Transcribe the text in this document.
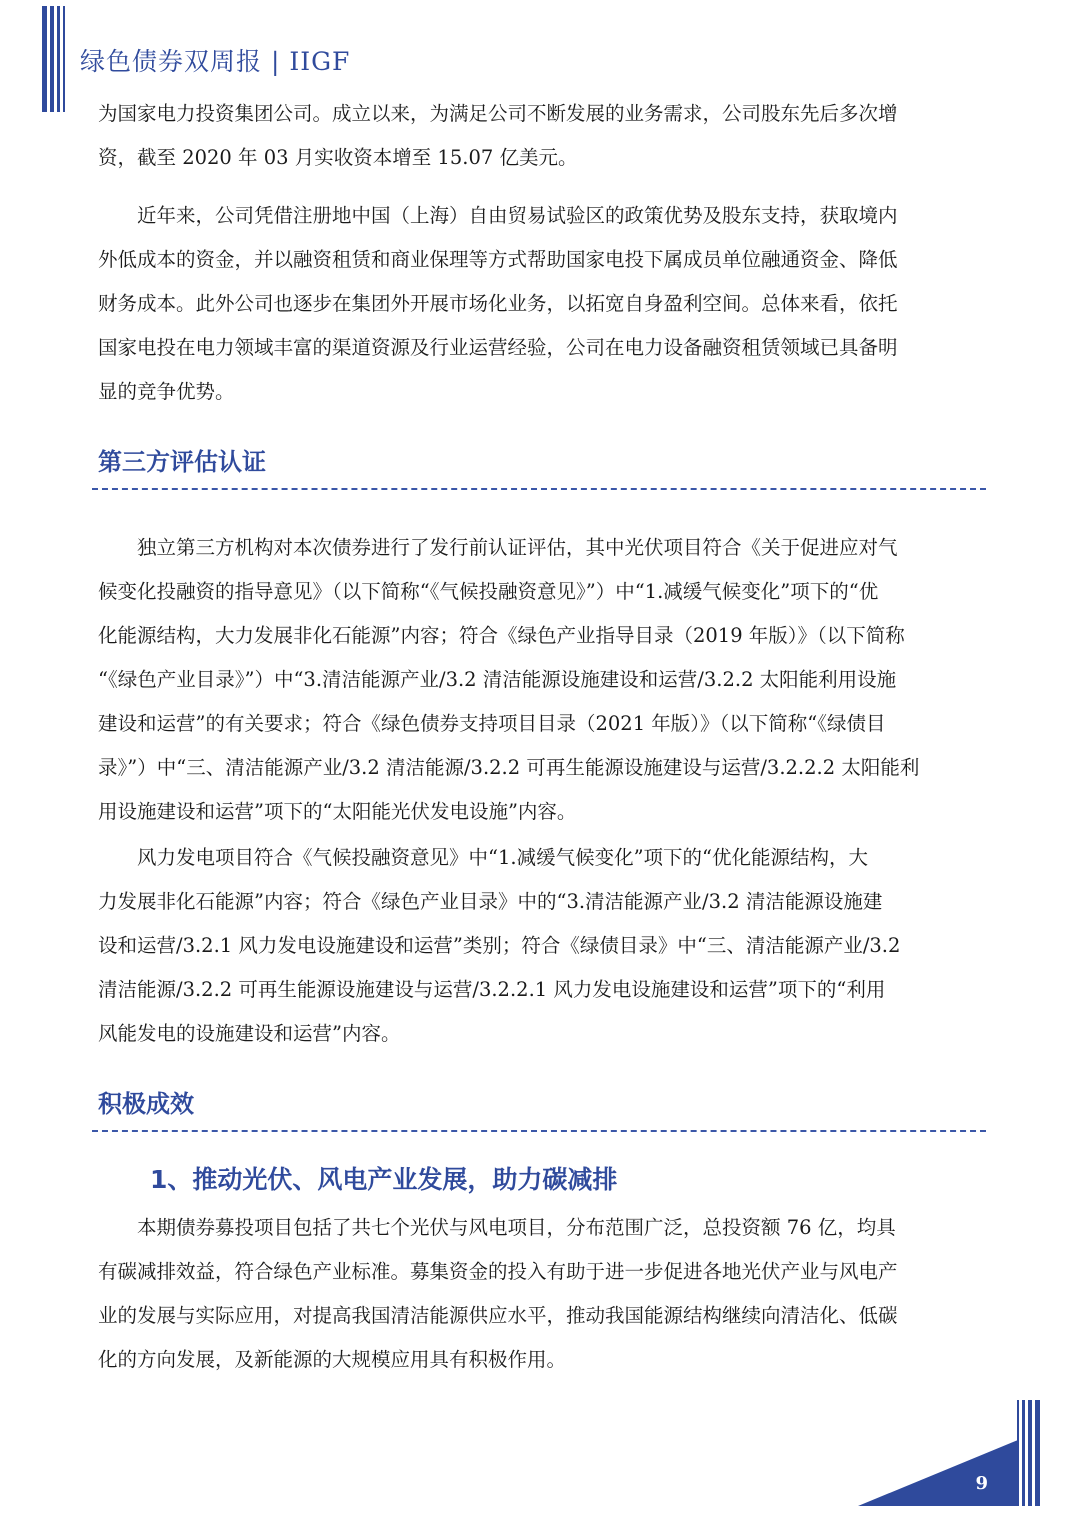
绿色债券双周报 | IIGF

为国家电力投资集团公司。成立以来，为满足公司不断发展的业务需求，公司股东先后多次增
资，截至 2020 年 03 月实收资本增至 15.07 亿美元。

　　近年来，公司凭借注册地中国（上海）自由贸易试验区的政策优势及股东支持，获取境内
外低成本的资金，并以融资租赁和商业保理等方式帮助国家电投下属成员单位融通资金、降低
财务成本。此外公司也逐步在集团外开展市场化业务，以拓宽自身盈利空间。总体来看，依托
国家电投在电力领域丰富的渠道资源及行业运营经验，公司在电力设备融资租赁领域已具备明
显的竞争优势。

第三方评估认证

　　独立第三方机构对本次债券进行了发行前认证评估，其中光伏项目符合《关于促进应对气
候变化投融资的指导意见》（以下简称“《气候投融资意见》”）中“1.减缓气候变化”项下的“优
化能源结构，大力发展非化石能源”内容；符合《绿色产业指导目录（2019 年版）》（以下简称
“《绿色产业目录》”）中“3.清洁能源产业/3.2 清洁能源设施建设和运营/3.2.2 太阳能利用设施
建设和运营”的有关要求；符合《绿色债券支持项目目录（2021 年版）》（以下简称“《绿债目
录》”）中“三、清洁能源产业/3.2 清洁能源/3.2.2 可再生能源设施建设与运营/3.2.2.2 太阳能利
用设施建设和运营”项下的“太阳能光伏发电设施”内容。

　　风力发电项目符合《气候投融资意见》中“1.减缓气候变化”项下的“优化能源结构，大
力发展非化石能源”内容；符合《绿色产业目录》中的“3.清洁能源产业/3.2 清洁能源设施建
设和运营/3.2.1 风力发电设施建设和运营”类别；符合《绿债目录》中“三、清洁能源产业/3.2
清洁能源/3.2.2 可再生能源设施建设与运营/3.2.2.1 风力发电设施建设和运营”项下的“利用
风能发电的设施建设和运营”内容。

积极成效
1、推动光伏、风电产业发展，助力碳减排

　　本期债券募投项目包括了共七个光伏与风电项目，分布范围广泛，总投资额 76 亿，均具
有碳减排效益，符合绿色产业标准。募集资金的投入有助于进一步促进各地光伏产业与风电产
业的发展与实际应用，对提高我国清洁能源供应水平，推动我国能源结构继续向清洁化、低碳
化的方向发展，及新能源的大规模应用具有积极作用。

9
